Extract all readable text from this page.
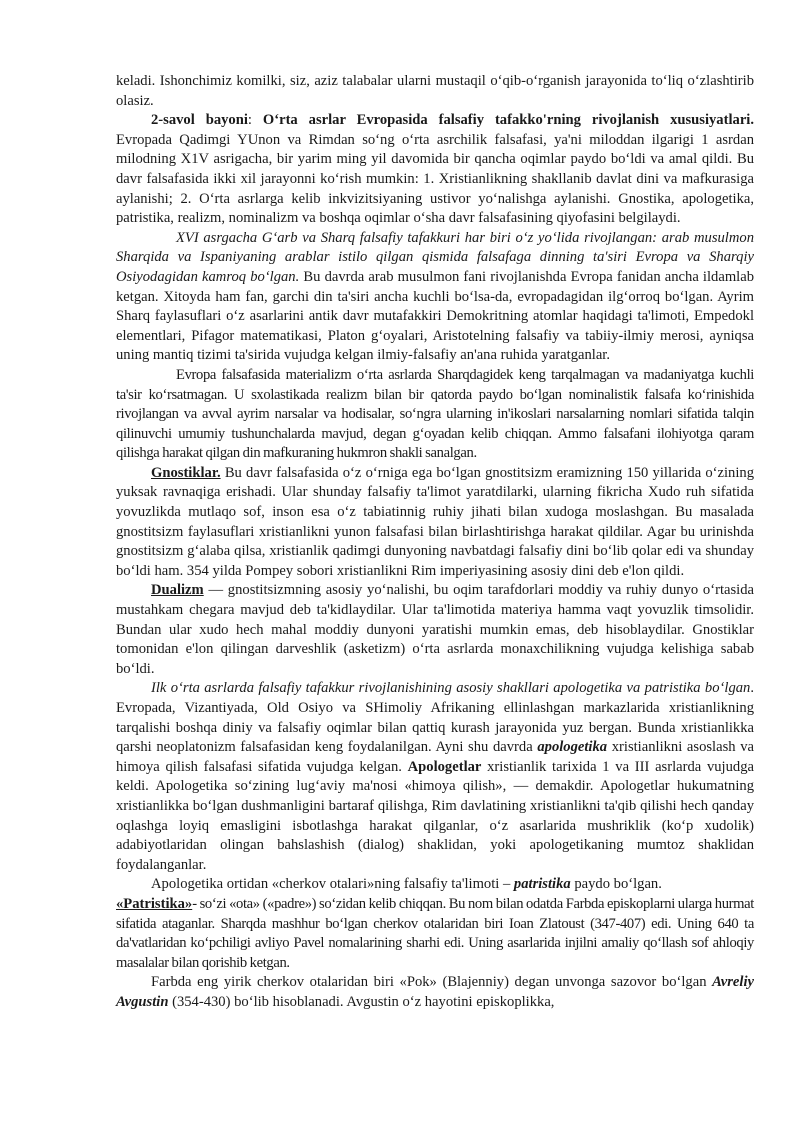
keladi. Ishonchimiz komilki, siz, aziz talabalar ularni mustaqil o‘qib-o‘rganish jarayonida to‘liq o‘zlashtirib olasiz.

2-savol bayoni: O‘rta asrlar Evropasida falsafiy tafakko'rning rivojlanish xususiyatlari. Evropada Qadimgi YUnon va Rimdan so‘ng o‘rta asrchilik falsafasi, ya'ni miloddan ilgarigi 1 asrdan milodning X1V asrigacha, bir yarim ming yil davomida bir qancha oqimlar paydo bo‘ldi va amal qildi. Bu davr falsafasida ikki xil jarayonni ko‘rish mumkin: 1. Xristianlikning shakllanib davlat dini va mafkurasiga aylanishi; 2. O‘rta asrlarga kelib inkvizitsiyaning ustivor yo‘nalishga aylanishi. Gnostika, apologetika, patristika, realizm, nominalizm va boshqa oqimlar o‘sha davr falsafasining qiyofasini belgilaydi.

XVI asrgacha G‘arb va Sharq falsafiy tafakkuri har biri o‘z yo‘lida rivojlangan: arab musulmon Sharqida va Ispaniyaning arablar istilo qilgan qismida falsafaga dinning ta'siri Evropa va Sharqiy Osiyodagidan kamroq bo‘lgan. Bu davrda arab musulmon fani rivojlanishda Evropa fanidan ancha ildamlab ketgan. Xitoyda ham fan, garchi din ta'siri ancha kuchli bo‘lsa-da, evropadagidan ilg‘orroq bo‘lgan. Ayrim Sharq faylasuflari o‘z asarlarini antik davr mutafakkiri Demokritning atomlar haqidagi ta'limoti, Empedokl elementlari, Pifagor matematikasi, Platon g‘oyalari, Aristotelning falsafiy va tabiiy-ilmiy merosi, ayniqsa uning mantiq tizimi ta'sirida vujudga kelgan ilmiy-falsafiy an'ana ruhida yaratganlar.

Evropa falsafasida materializm o‘rta asrlarda Sharqdagidek keng tarqalmagan va madaniyatga kuchli ta'sir ko‘rsatmagan. U sxolastikada realizm bilan bir qatorda paydo bo‘lgan nominalistik falsafa ko‘rinishida rivojlangan va avval ayrim narsalar va hodisalar, so‘ngra ularning in'ikoslari narsalarning nomlari sifatida talqin qilinuvchi umumiy tushunchalarda mavjud, degan g‘oyadan kelib chiqqan. Ammo falsafani ilohiyotga qaram qilishga harakat qilgan din mafkuraning hukmron shakli sanalgan.

Gnostiklar. Bu davr falsafasida o‘z o‘rniga ega bo‘lgan gnostitsizm eramizning 150 yillarida o‘zining yuksak ravnaqiga erishadi. Ular shunday falsafiy ta'limot yaratdilarki, ularning fikricha Xudo ruh sifatida yovuzlikda mutlaqo sof, inson esa o‘z tabiatinnig ruhiy jihati bilan xudoga moslashgan. Bu masalada gnostitsizm faylasuflari xristianlikni yunon falsafasi bilan birlashtirishga harakat qildilar. Agar bu urinishda gnostitsizm g‘alaba qilsa, xristianlik qadimgi dunyoning navbatdagi falsafiy dini bo‘lib qolar edi va shunday bo‘ldi ham. 354 yilda Pompey sobori xristianlikni Rim imperiyasining asosiy dini deb e'lon qildi.

Dualizm — gnostitsizmning asosiy yo‘nalishi, bu oqim tarafdorlari moddiy va ruhiy dunyo o‘rtasida mustahkam chegara mavjud deb ta'kidlaydilar. Ular ta'limotida materiya hamma vaqt yovuzlik timsolidir. Bundan ular xudo hech mahal moddiy dunyoni yaratishi mumkin emas, deb hisoblaydilar. Gnostiklar tomonidan e'lon qilingan darveshlik (asketizm) o‘rta asrlarda monaxchilikning vujudga kelishiga sabab bo‘ldi.

Ilk o‘rta asrlarda falsafiy tafakkur rivojlanishining asosiy shakllari apologetika va patristika bo‘lgan. Evropada, Vizantiyada, Old Osiyo va SHimoliy Afrikaning ellinlashgan markazlarida xristianlikning tarqalishi boshqa diniy va falsafiy oqimlar bilan qattiq kurash jarayonida yuz bergan. Bunda xristianlikka qarshi neoplatonizm falsafasidan keng foydalanilgan. Ayni shu davrda apologetika xristianlikni asoslash va himoya qilish falsafasi sifatida vujudga kelgan. Apologetlar xristianlik tarixida 1 va III asrlarda vujudga keldi. Apologetika so‘zining lug‘aviy ma'nosi «himoya qilish», — demakdir. Apologetlar hukumatning xristianlikka bo‘lgan dushmanligini bartaraf qilishga, Rim davlatining xristianlikni ta'qib qilishi hech qanday oqlashga loyiq emasligini isbotlashga harakat qilganlar, o‘z asarlarida mushriklik (ko‘p xudolik) adabiyotlaridan olingan bahslashish (dialog) shaklidan, yoki apologetikaning mumtoz shaklidan foydalanganlar.

Apologetika ortidan «cherkov otalari»ning falsafiy ta'limoti – patristika paydo bo‘lgan.

«Patristika»- so‘zi «ota» («padre») so‘zidan kelib chiqqan. Bu nom bilan odatda Farbda episkoplarni ularga hurmat sifatida ataganlar. Sharqda mashhur bo‘lgan cherkov otalaridan biri Ioan Zlatoust (347-407) edi. Uning 640 ta da'vatlaridan ko‘pchiligi avliyo Pavel nomalarining sharhi edi. Uning asarlarida injilni amaliy qo‘llash sof ahloqiy masalalar bilan qorishib ketgan.

Farbda eng yirik cherkov otalaridan biri «Pok» (Blajenniy) degan unvonga sazovor bo‘lgan Avreliy Avgustin (354-430) bo‘lib hisoblanadi. Avgustin o‘z hayotini episkoplikka,
